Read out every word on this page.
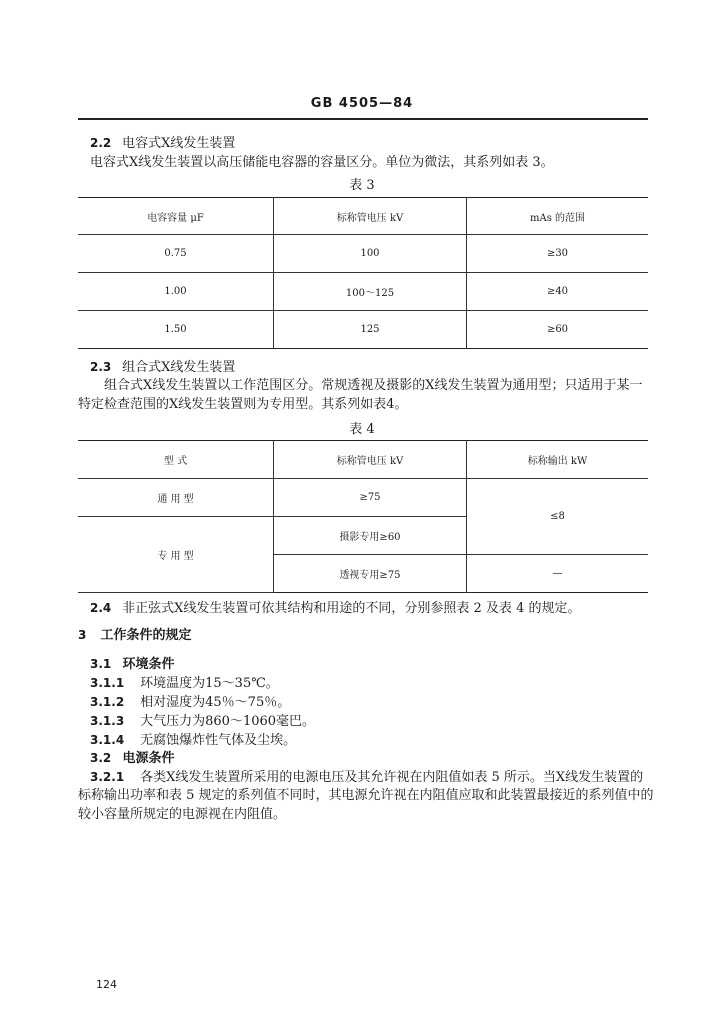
GB 4505—84
2.2 电容式X线发生装置
电容式X线发生装置以高压储能电容器的容量区分。单位为微法，其系列如表 3。
表 3
电容容量 μF	标称管电压 kV	mAs 的范围
0.75	100	≥30
1.00	100～125	≥40
1.50	125	≥60
2.3 组合式X线发生装置
组合式X线发生装置以工作范围区分。常规透视及摄影的X线发生装置为通用型；只适用于某一
特定检查范围的X线发生装置则为专用型。其系列如表4。
表 4
型 式	标称管电压 kV	标称输出 kW
通 用 型	≥75	≤8
专 用 型	摄影专用≥60	
	透视专用≥75	—
2.4 非正弦式X线发生装置可依其结构和用途的不同，分别参照表 2 及表 4 的规定。
3 工作条件的规定
3.1 环境条件
3.1.1 环境温度为15～35℃。
3.1.2 相对湿度为45％～75％。
3.1.3 大气压力为860～1060毫巴。
3.1.4 无腐蚀爆炸性气体及尘埃。
3.2 电源条件
3.2.1 各类X线发生装置所采用的电源电压及其允许视在内阻值如表 5 所示。当X线发生装置的
标称输出功率和表 5 规定的系列值不同时，其电源允许视在内阻值应取和此装置最接近的系列值中的
较小容量所规定的电源视在内阻值。
124
